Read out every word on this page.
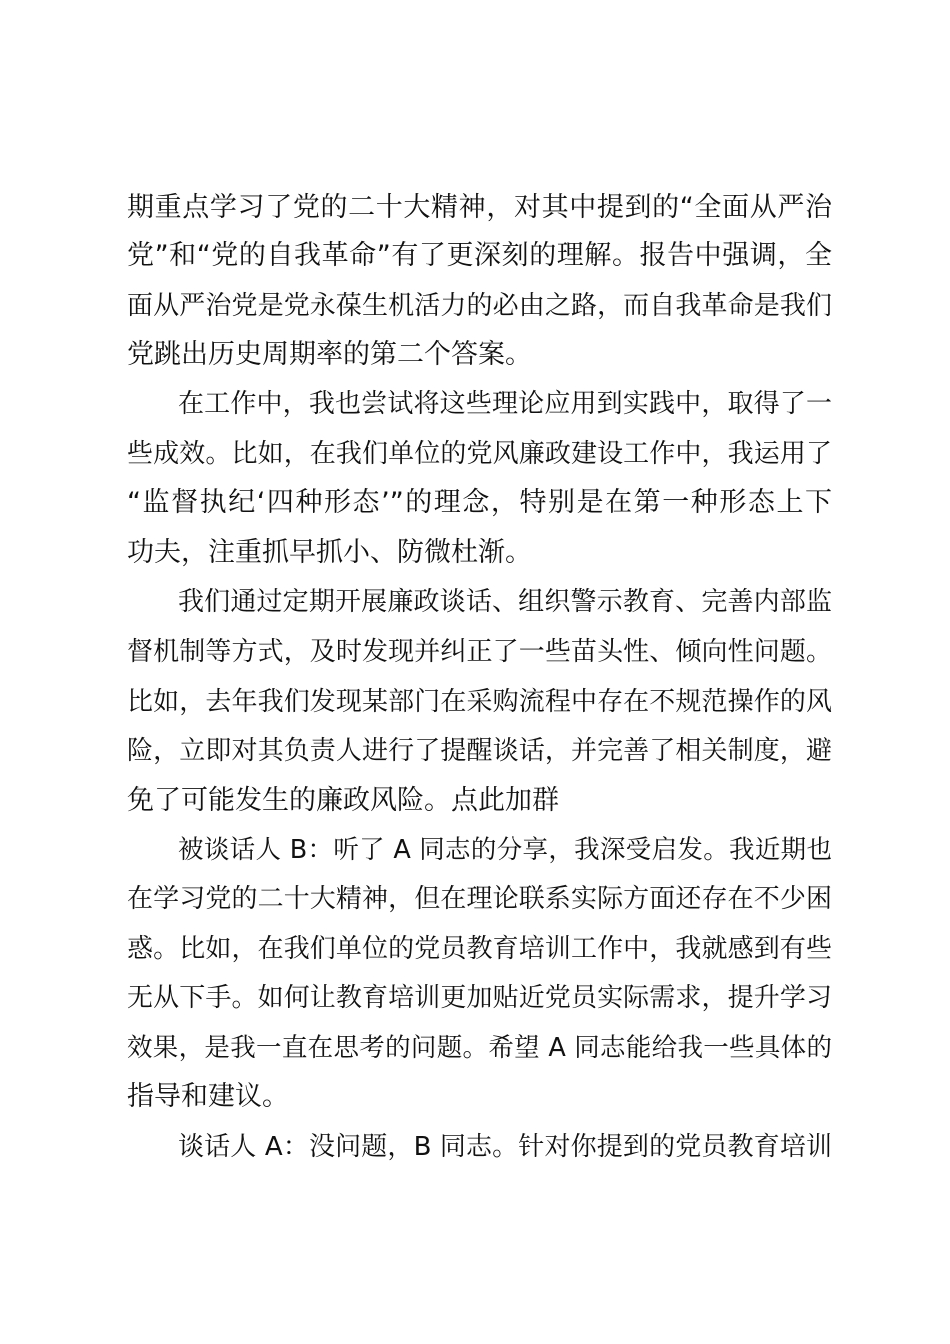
期重点学习了党的二十大精神，对其中提到的“全面从严治
党”和“党的自我革命”有了更深刻的理解。报告中强调，全
面从严治党是党永葆生机活力的必由之路，而自我革命是我们
党跳出历史周期率的第二个答案。
在工作中，我也尝试将这些理论应用到实践中，取得了一
些成效。比如，在我们单位的党风廉政建设工作中，我运用了
“监督执纪‘四种形态’”的理念，特别是在第一种形态上下
功夫，注重抓早抓小、防微杜渐。
我们通过定期开展廉政谈话、组织警示教育、完善内部监
督机制等方式，及时发现并纠正了一些苗头性、倾向性问题。
比如，去年我们发现某部门在采购流程中存在不规范操作的风
险，立即对其负责人进行了提醒谈话，并完善了相关制度，避
免了可能发生的廉政风险。点此加群
被谈话人 B：听了 A 同志的分享，我深受启发。我近期也
在学习党的二十大精神，但在理论联系实际方面还存在不少困
惑。比如，在我们单位的党员教育培训工作中，我就感到有些
无从下手。如何让教育培训更加贴近党员实际需求，提升学习
效果，是我一直在思考的问题。希望 A 同志能给我一些具体的
指导和建议。
谈话人 A：没问题，B 同志。针对你提到的党员教育培训
